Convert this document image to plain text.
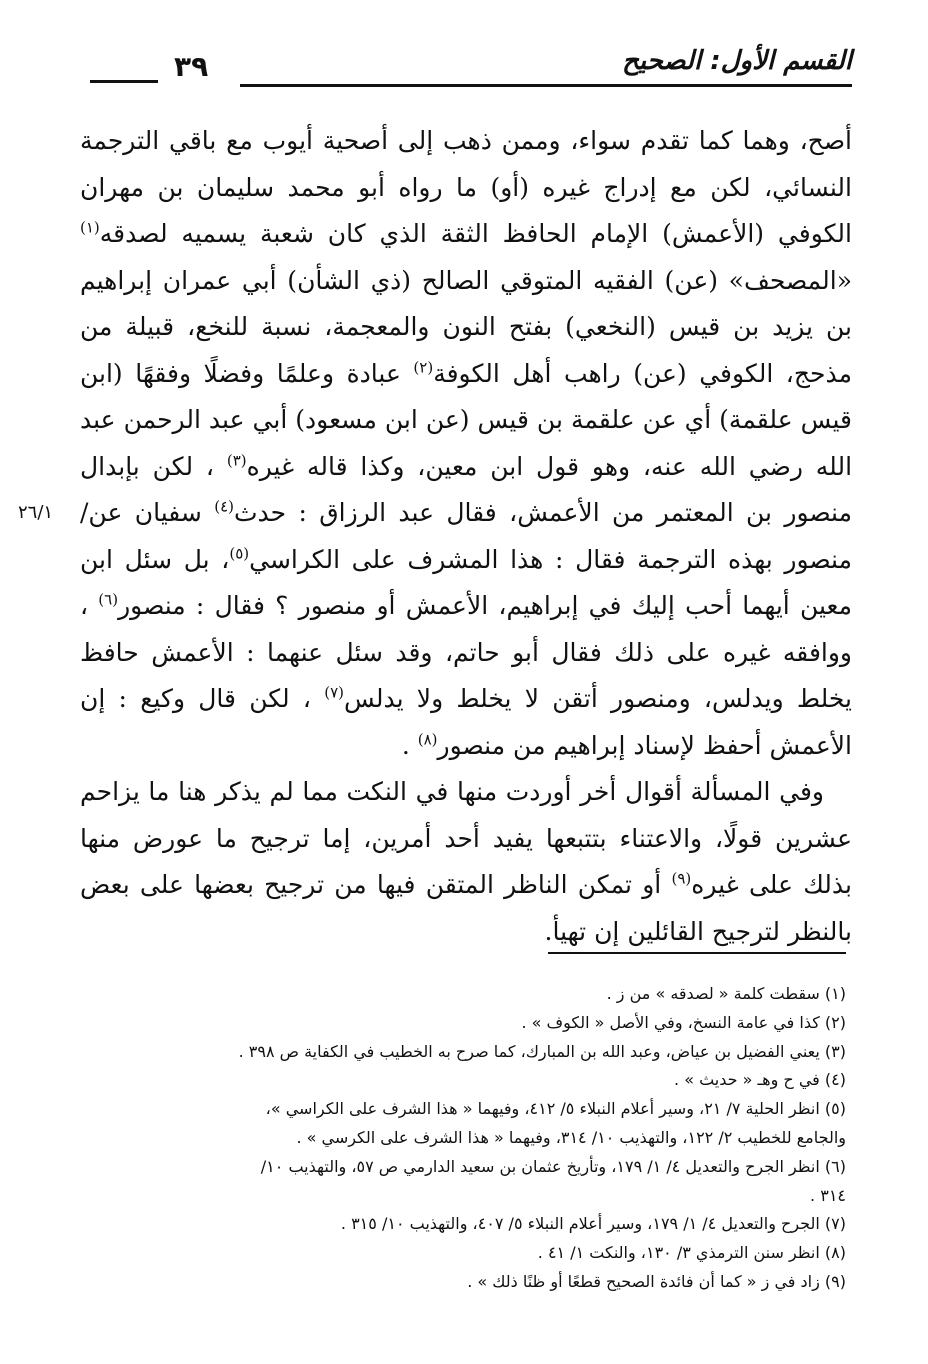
القسم الأول: الصحيح
٣٩
٢٦/١

أصح، وهما كما تقدم سواء، وممن ذهب إلى أصحية أيوب مع باقي الترجمة النسائي، لكن مع إدراج غيره (أو) ما رواه أبو محمد سليمان بن مهران الكوفي (الأعمش) الإمام الحافظ الثقة الذي كان شعبة يسميه لصدقه$^{(١)}$ «المصحف» (عن) الفقيه المتوقي الصالح (ذي الشأن) أبي عمران إبراهيم بن يزيد بن قيس (النخعي) بفتح النون والمعجمة، نسبة للنخع، قبيلة من مذحج، الكوفي (عن) راهب أهل الكوفة$^{(٢)}$ عبادة وعلمًا وفضلًا وفقهًا (ابن قيس علقمة) أي عن علقمة بن قيس (عن ابن مسعود) أبي عبد الرحمن عبد الله رضي الله عنه، وهو قول ابن معين، وكذا قاله غيره$^{(٣)}$ ، لكن بإبدال منصور بن المعتمر من الأعمش، فقال عبد الرزاق : حدث$^{(٤)}$ سفيان عن/ منصور بهذه الترجمة فقال : هذا المشرف على الكراسي$^{(٥)}$، بل سئل ابن معين أيهما أحب إليك في إبراهيم، الأعمش أو منصور ؟ فقال : منصور$^{(٦)}$ ، ووافقه غيره على ذلك فقال أبو حاتم، وقد سئل عنهما : الأعمش حافظ يخلط ويدلس، ومنصور أتقن لا يخلط ولا يدلس$^{(٧)}$ ، لكن قال وكيع : إن الأعمش أحفظ لإسناد إبراهيم من منصور$^{(٨)}$ .

وفي المسألة أقوال أخر أوردت منها في النكت مما لم يذكر هنا ما يزاحم عشرين قولًا، والاعتناء بتتبعها يفيد أحد أمرين، إما ترجيح ما عورض منها بذلك على غيره$^{(٩)}$ أو تمكن الناظر المتقن فيها من ترجيح بعضها على بعض بالنظر لترجيح القائلين إن تهيأ.

(١) سقطت كلمة « لصدقه » من ز .

(٢) كذا في عامة النسخ، وفي الأصل « الكوف » .

(٣) يعني الفضيل بن عياض، وعبد الله بن المبارك، كما صرح به الخطيب في الكفاية ص ٣٩٨ .

(٤) في ح وهـ « حديث » .

(٥) انظر الحلية ٧/ ٢١، وسير أعلام النبلاء ٥/ ٤١٢، وفيهما « هذا الشرف على الكراسي »،

والجامع للخطيب ٢/ ١٢٢، والتهذيب ١٠/ ٣١٤، وفيهما « هذا الشرف على الكرسي » .

(٦) انظر الجرح والتعديل ٤/ ١/ ١٧٩، وتأريخ عثمان بن سعيد الدارمي ص ٥٧، والتهذيب ١٠/

٣١٤ .

(٧) الجرح والتعديل ٤/ ١/ ١٧٩، وسير أعلام النبلاء ٥/ ٤٠٧، والتهذيب ١٠/ ٣١٥ .

(٨) انظر سنن الترمذي ٣/ ١٣٠، والنكت ١/ ٤١ .

(٩) زاد في ز « كما أن فائدة الصحيح قطعًا أو ظنًا ذلك » .
